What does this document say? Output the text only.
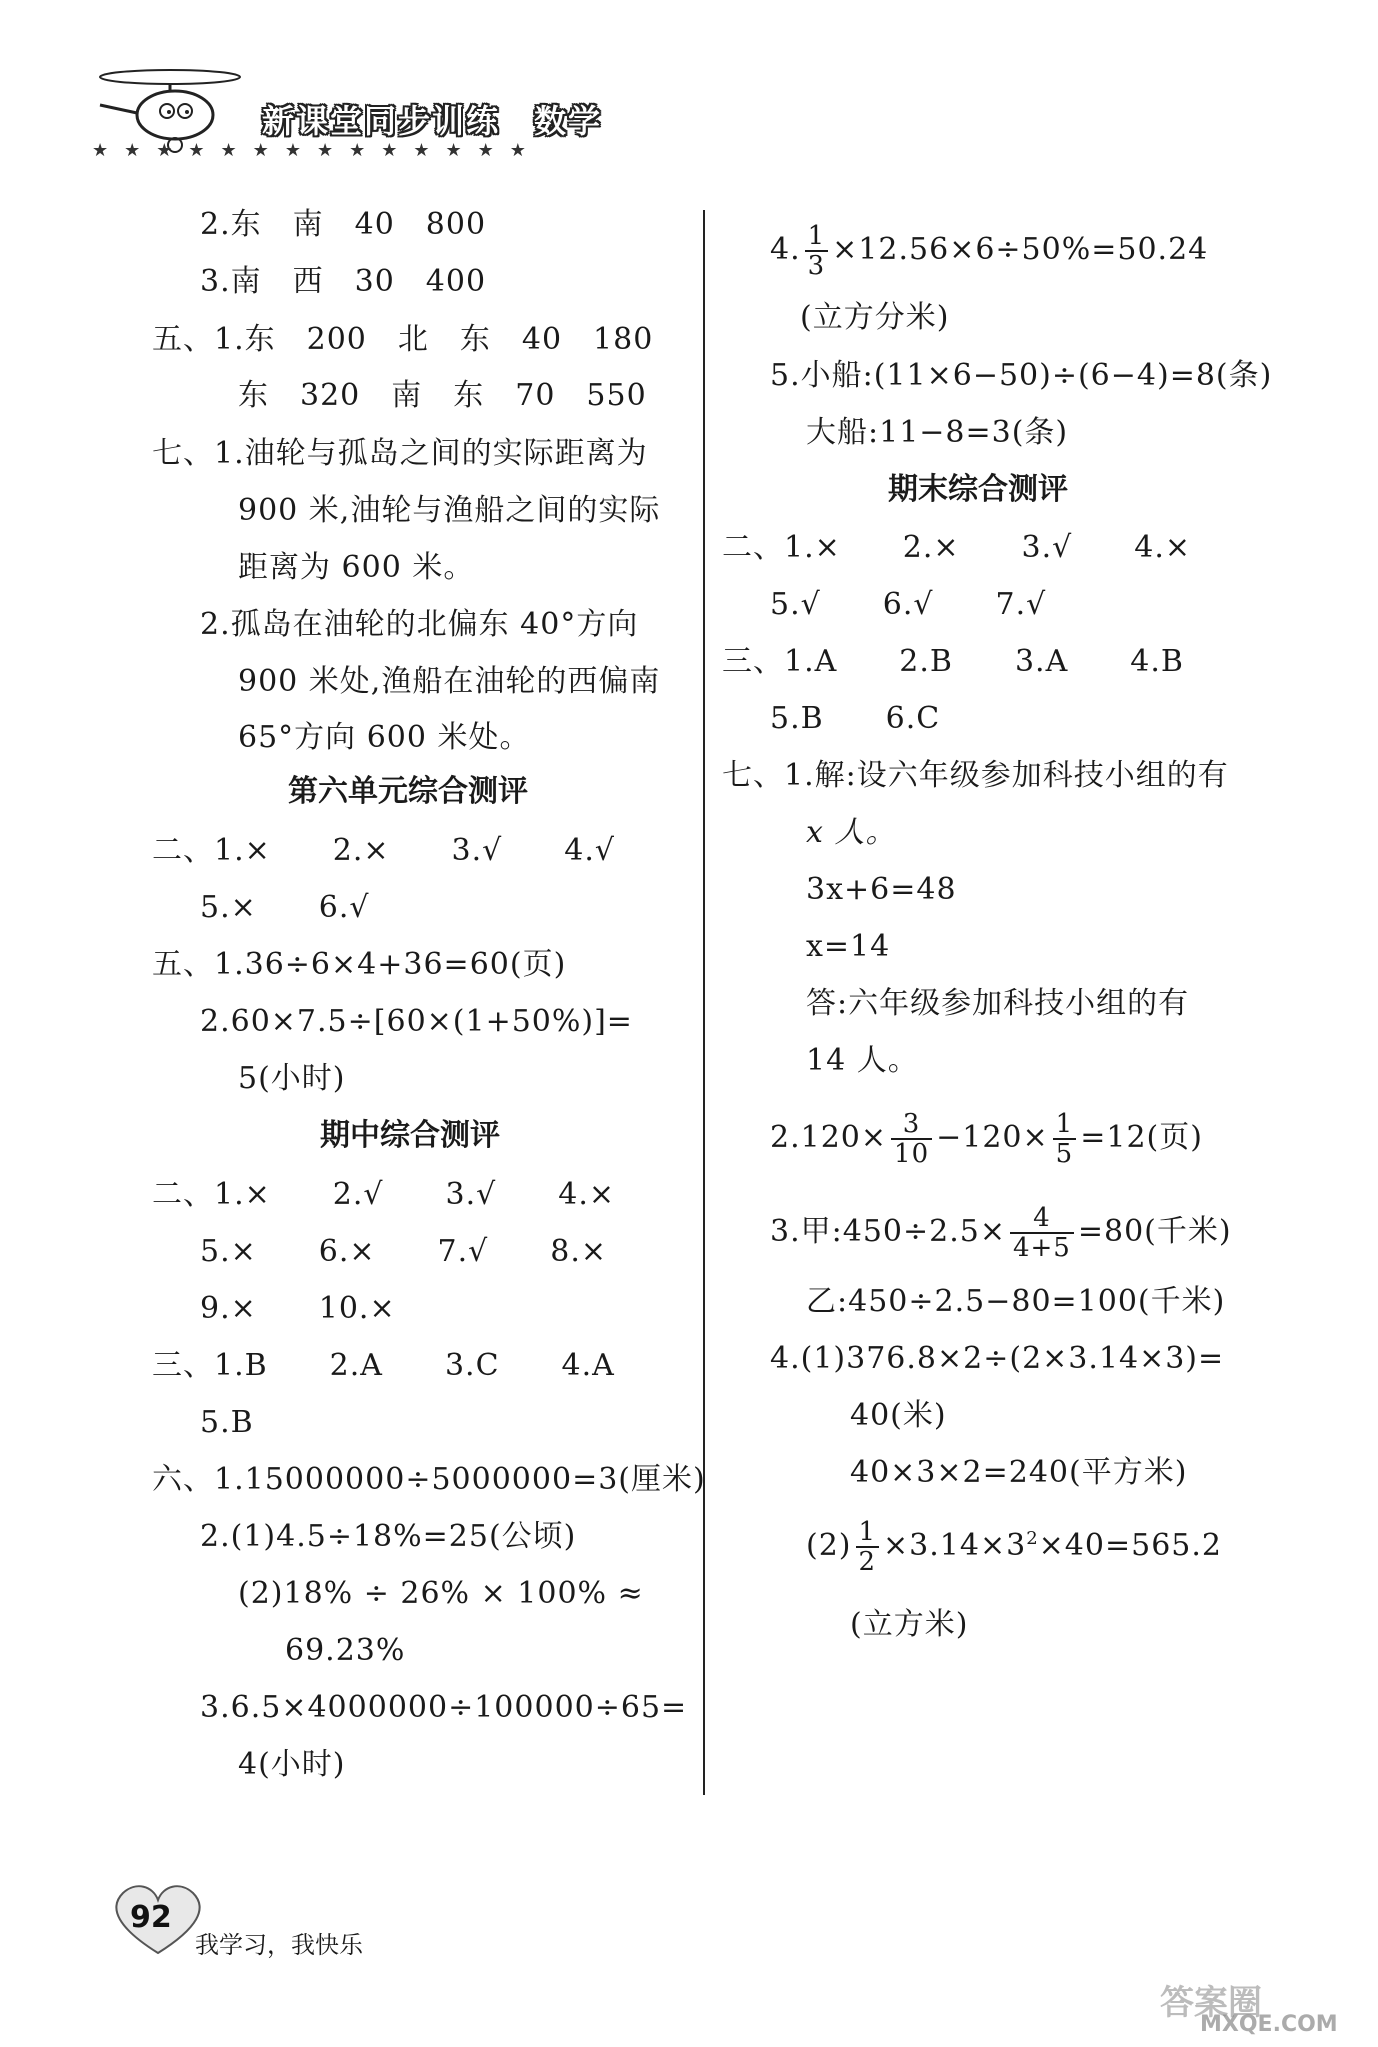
新课堂同步训练　数学
★★★★★★★★★★★★★★
2.东　南　40　800
3.南　西　30　400
五、1.东　200　北　东　40　180
东　320　南　东　70　550
七、1.油轮与孤岛之间的实际距离为
900 米,油轮与渔船之间的实际
距离为 600 米。
2.孤岛在油轮的北偏东 40°方向
900 米处,渔船在油轮的西偏南
65°方向 600 米处。
第六单元综合测评
二、1.×　　2.×　　3.√　　4.√
5.×　　6.√
五、1.36÷6×4+36=60(页)
2.60×7.5÷[60×(1+50%)]=
5(小时)
期中综合测评
二、1.×　　2.√　　3.√　　4.×
5.×　　6.×　　7.√　　8.×
9.×　　10.×
三、1.B　　2.A　　3.C　　4.A
5.B
六、1.15000000÷5000000=3(厘米)
2.(1)4.5÷18%=25(公顷)
(2)18% ÷ 26% × 100% ≈
69.23%
3.6.5×4000000÷100000÷65=
4(小时)
4. $\frac{1}{3} \times 12.56\times 6\div 50\%=50.24$
(立方分米)
5.小船:(11×6−50)÷(6−4)=8(条)
大船:11−8=3(条)
期末综合测评
二、1.×　　2.×　　3.√　　4.×
5.√　　6.√　　7.√
三、1.A　　2.B　　3.A　　4.B
5.B　　6.C
七、1.解:设六年级参加科技小组的有
x 人。
3x+6=48
x=14
答:六年级参加科技小组的有
14 人。
$2.120\times \frac{3}{10} -120\times \frac{1}{5} =12$(页)
3.甲:450÷2.5× $\frac{4}{4+5} =80$(千米)
乙:450÷2.5−80=100(千米)
4.(1)376.8×2÷(2×3.14×3)=
40(米)
40×3×2=240(平方米)
$(2) \frac{1}{2} \times 3.14\times 3^2\times 40=565.2$
(立方米)
92
我学习，我快乐
答案圈
MXQE.COM
